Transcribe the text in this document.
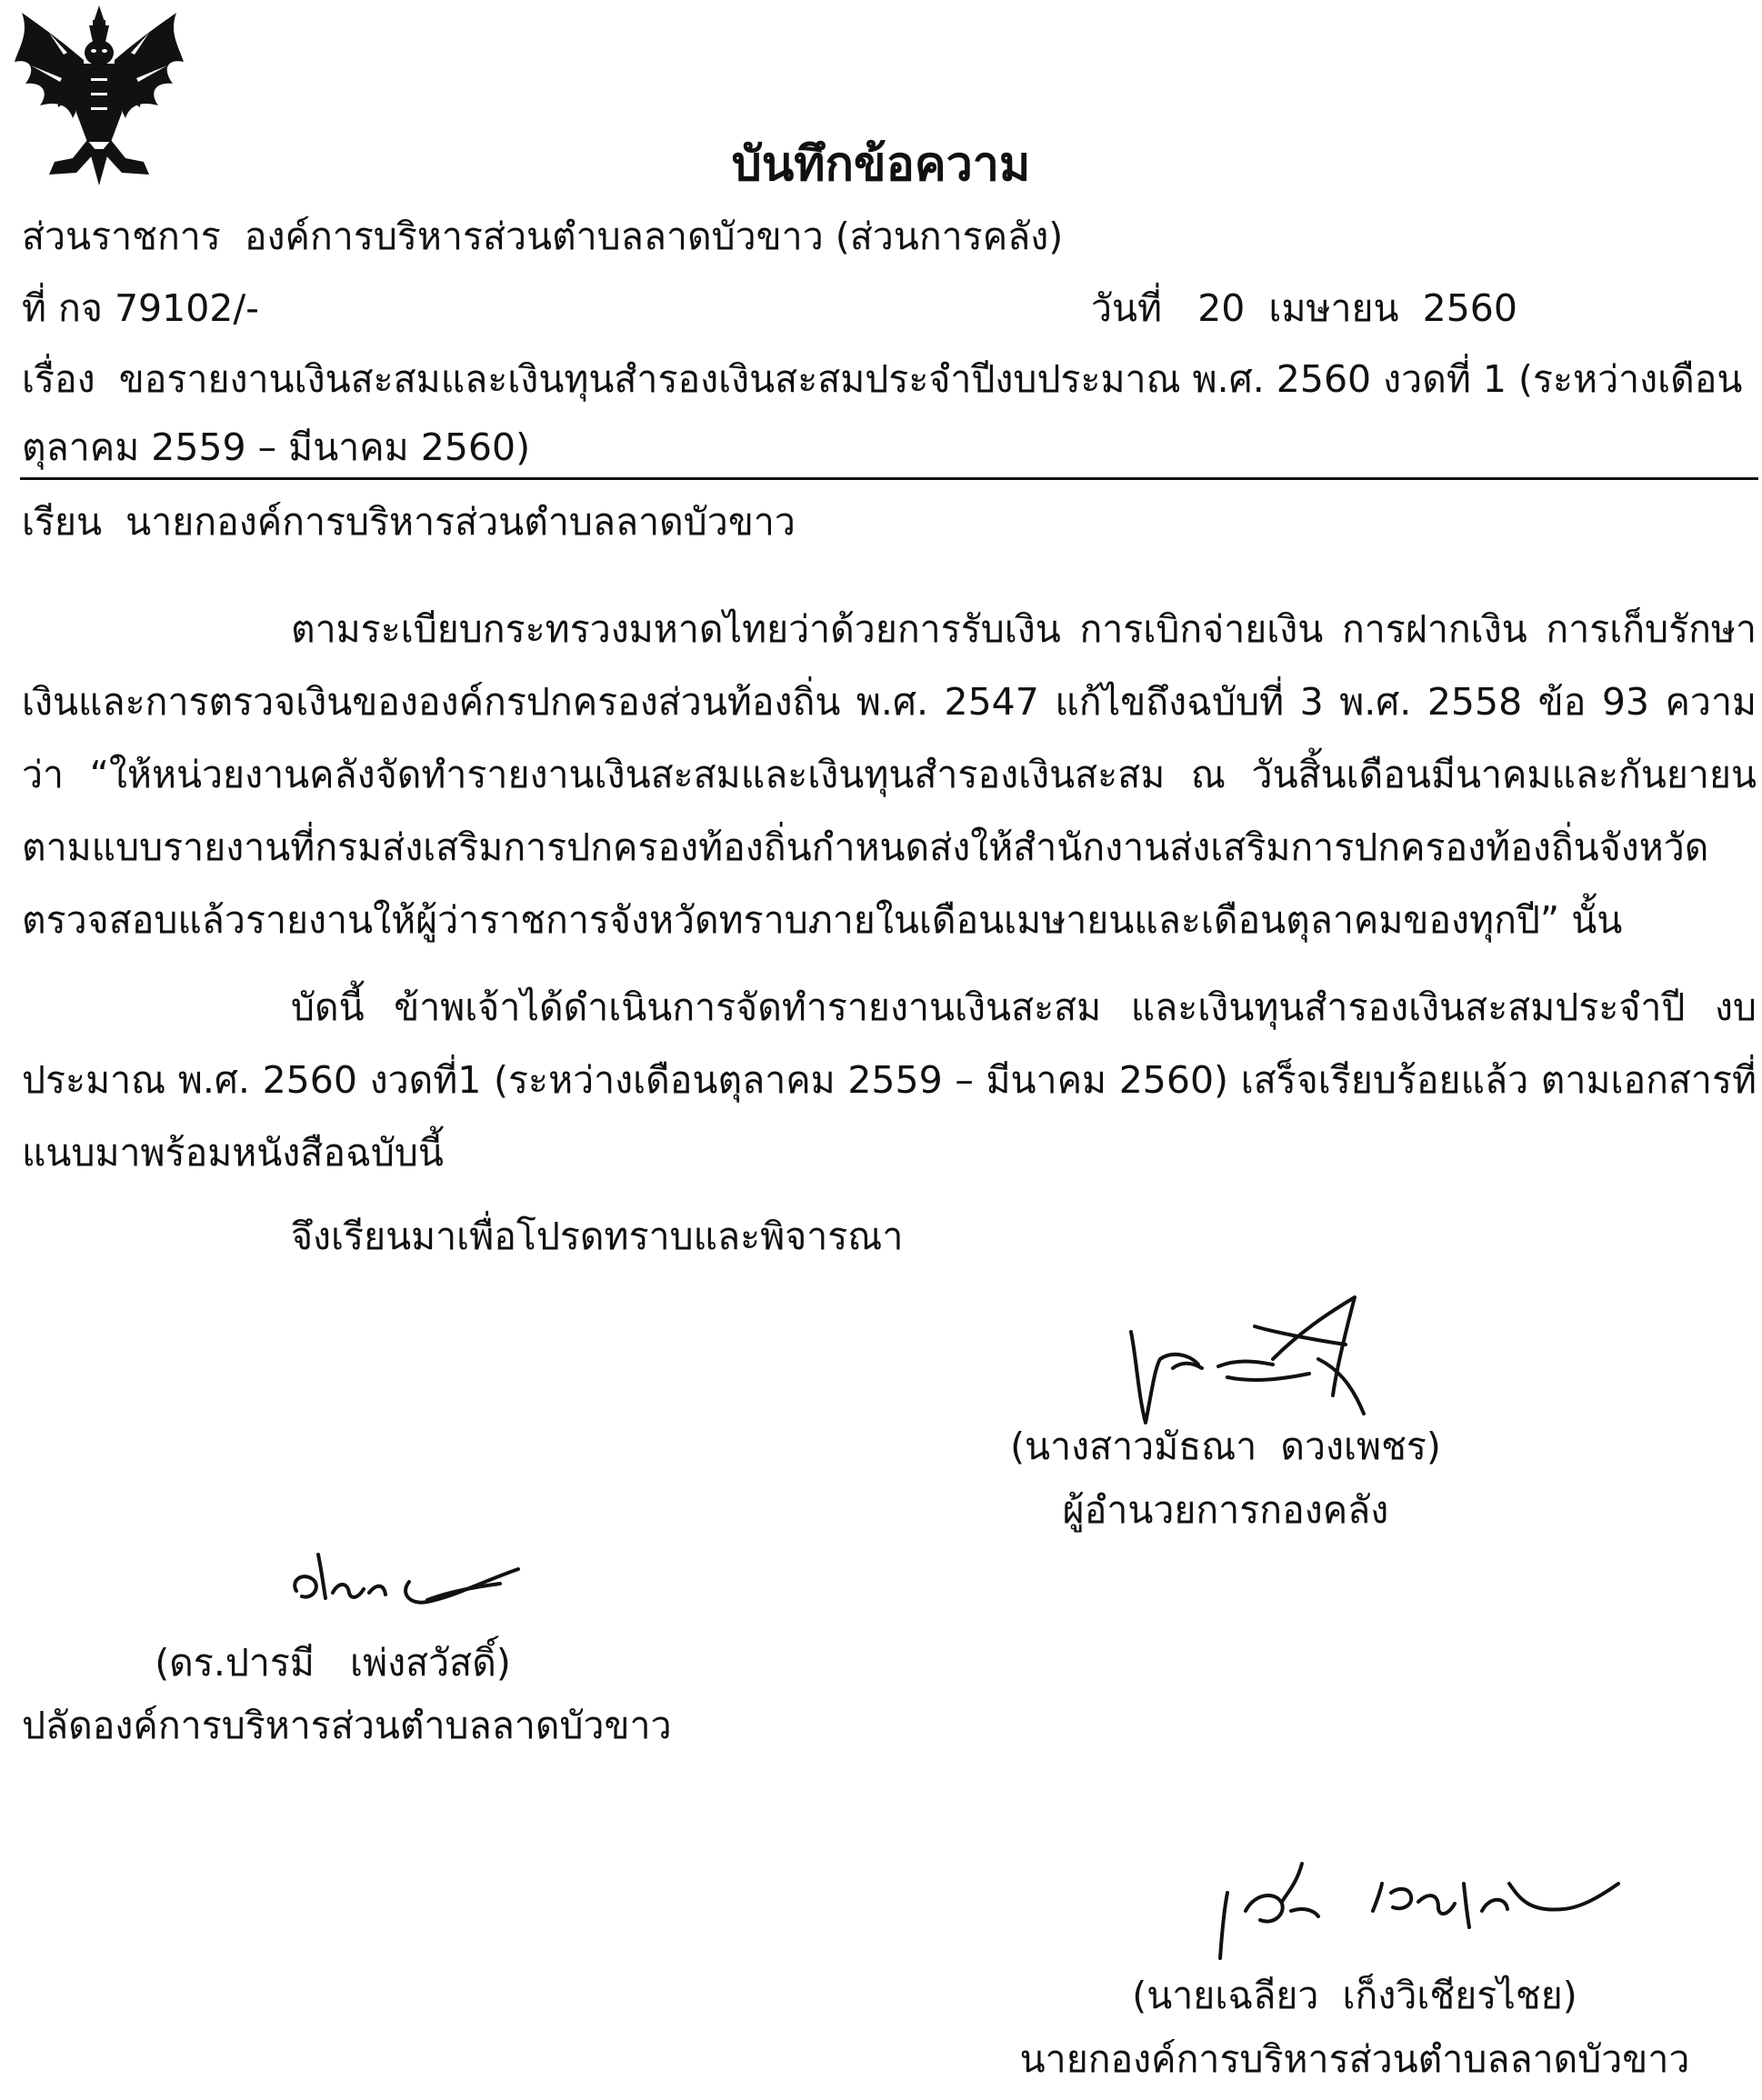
บันทึกข้อความ
ส่วนราชการ องค์การบริหารส่วนตำบลลาดบัวขาว (ส่วนการคลัง)
ที่ กจ 79102/-	วันที่ 20  เมษายน  2560
เรื่อง ขอรายงานเงินสะสมและเงินทุนสำรองเงินสะสมประจำปีงบประมาณ พ.ศ. 2560 งวดที่ 1 (ระหว่างเดือน
ตุลาคม 2559 – มีนาคม 2560)
เรียน นายกองค์การบริหารส่วนตำบลลาดบัวขาว
ตามระเบียบกระทรวงมหาดไทยว่าด้วยการรับเงิน การเบิกจ่ายเงิน การฝากเงิน การเก็บรักษาเงินและการตรวจเงินขององค์กรปกครองส่วนท้องถิ่น พ.ศ. 2547 แก้ไขถึงฉบับที่ 3 พ.ศ. 2558 ข้อ 93 ความว่า “ให้หน่วยงานคลังจัดทำรายงานเงินสะสมและเงินทุนสำรองเงินสะสม ณ วันสิ้นเดือนมีนาคมและกันยายนตามแบบรายงานที่กรมส่งเสริมการปกครองท้องถิ่นกำหนดส่งให้สำนักงานส่งเสริมการปกครองท้องถิ่นจังหวัดตรวจสอบแล้วรายงานให้ผู้ว่าราชการจังหวัดทราบภายในเดือนเมษายนและเดือนตุลาคมของทุกปี” นั้น
บัดนี้ ข้าพเจ้าได้ดำเนินการจัดทำรายงานเงินสะสม และเงินทุนสำรองเงินสะสมประจำปี งบประมาณ พ.ศ. 2560 งวดที่1 (ระหว่างเดือนตุลาคม 2559 – มีนาคม 2560) เสร็จเรียบร้อยแล้ว ตามเอกสารที่แนบมาพร้อมหนังสือฉบับนี้
จึงเรียนมาเพื่อโปรดทราบและพิจารณา
(นางสาวมัธณา  ดวงเพชร)
ผู้อำนวยการกองคลัง
(ดร.ปารมี   เพ่งสวัสดิ์)
ปลัดองค์การบริหารส่วนตำบลลาดบัวขาว
(นายเฉลียว  เก็งวิเชียรไชย)
นายกองค์การบริหารส่วนตำบลลาดบัวขาว
